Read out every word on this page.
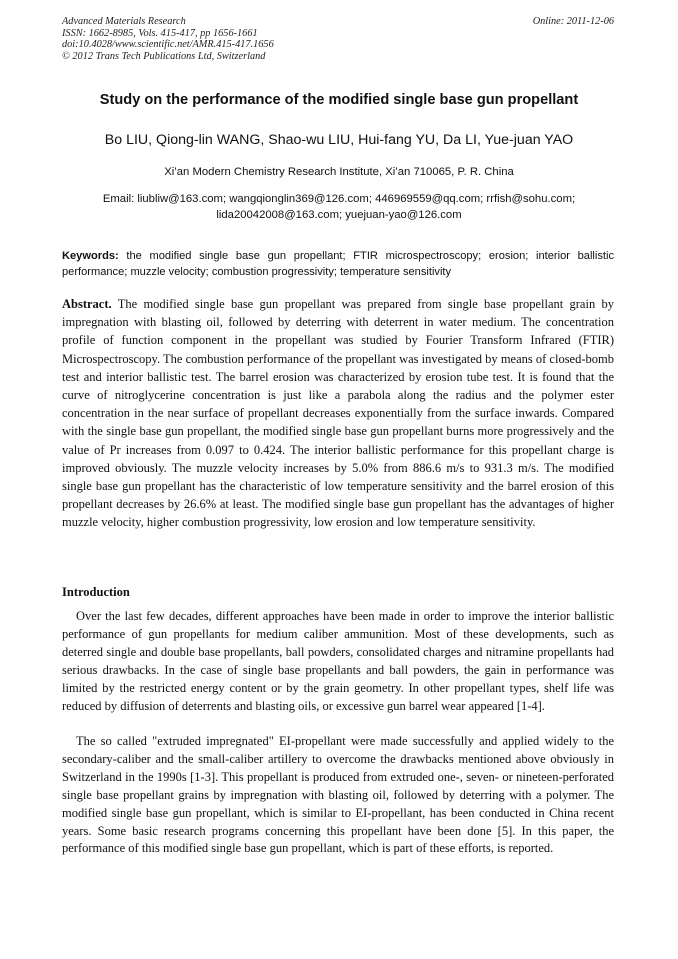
Advanced Materials Research
ISSN: 1662-8985, Vols. 415-417, pp 1656-1661
doi:10.4028/www.scientific.net/AMR.415-417.1656
© 2012 Trans Tech Publications Ltd, Switzerland
Online: 2011-12-06
Study on the performance of the modified single base gun propellant
Bo LIU, Qiong-lin WANG, Shao-wu LIU, Hui-fang YU, Da LI, Yue-juan YAO
Xi’an Modern Chemistry Research Institute, Xi’an 710065, P. R. China
Email: liubliw@163.com; wangqionglin369@126.com; 446969559@qq.com; rrfish@sohu.com;
lida20042008@163.com; yuejuan-yao@126.com
Keywords: the modified single base gun propellant; FTIR microspectroscopy; erosion; interior ballistic performance; muzzle velocity; combustion progressivity; temperature sensitivity
Abstract. The modified single base gun propellant was prepared from single base propellant grain by impregnation with blasting oil, followed by deterring with deterrent in water medium. The concentration profile of function component in the propellant was studied by Fourier Transform Infrared (FTIR) Microspectroscopy. The combustion performance of the propellant was investigated by means of closed-bomb test and interior ballistic test. The barrel erosion was characterized by erosion tube test. It is found that the curve of nitroglycerine concentration is just like a parabola along the radius and the polymer ester concentration in the near surface of propellant decreases exponentially from the surface inwards. Compared with the single base gun propellant, the modified single base gun propellant burns more progressively and the value of Pr increases from 0.097 to 0.424. The interior ballistic performance for this propellant charge is improved obviously. The muzzle velocity increases by 5.0% from 886.6 m/s to 931.3 m/s. The modified single base gun propellant has the characteristic of low temperature sensitivity and the barrel erosion of this propellant decreases by 26.6% at least. The modified single base gun propellant has the advantages of higher muzzle velocity, higher combustion progressivity, low erosion and low temperature sensitivity.
Introduction

Over the last few decades, different approaches have been made in order to improve the interior ballistic performance of gun propellants for medium caliber ammunition. Most of these developments, such as deterred single and double base propellants, ball powders, consolidated charges and nitramine propellants had serious drawbacks. In the case of single base propellants and ball powders, the gain in performance was limited by the restricted energy content or by the grain geometry. In other propellant types, shelf life was reduced by diffusion of deterrents and blasting oils, or excessive gun barrel wear appeared [1-4].

The so called "extruded impregnated" EI-propellant were made successfully and applied widely to the secondary-caliber and the small-caliber artillery to overcome the drawbacks mentioned above obviously in Switzerland in the 1990s [1-3]. This propellant is produced from extruded one-, seven- or nineteen-perforated single base propellant grains by impregnation with blasting oil, followed by deterring with a polymer. The modified single base gun propellant, which is similar to EI-propellant, has been conducted in China recent years. Some basic research programs concerning this propellant have been done [5]. In this paper, the performance of this modified single base gun propellant, which is part of these efforts, is reported.
